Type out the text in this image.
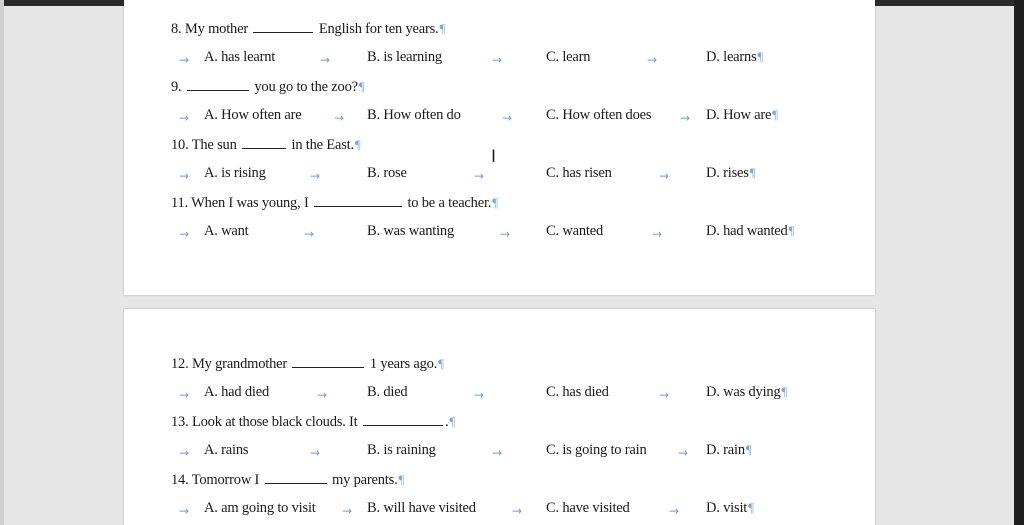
8. My mother	English for ten years.¶
→ A. has learnt	→	B. is learning	→	C. learn	→	D. learns¶
9.	you go to the zoo?¶
→ A. How often are	→ B. How often do	→ C. How often does → D. How are¶
10. The sun	in the East.¶
→ A. is rising	→	B. rose	→	C. has risen	→	D. rises¶
11. When I was young, I	to be a teacher.¶
→ A. want	→	B. was wanting	→ C. wanted	→	D. had wanted¶
I
12. My grandmother	1 years ago.¶
→ A. had died	→	B. died	→	C. has died	→	D. was dying¶
13. Look at those black clouds. It	.¶
→ A. rains	→	B. is raining	→	C. is going to rain	→ D. rain¶
14. Tomorrow I	my parents.¶
→ A. am going to visit → B. will have visited	→ C. have visited	→ D. visit¶
